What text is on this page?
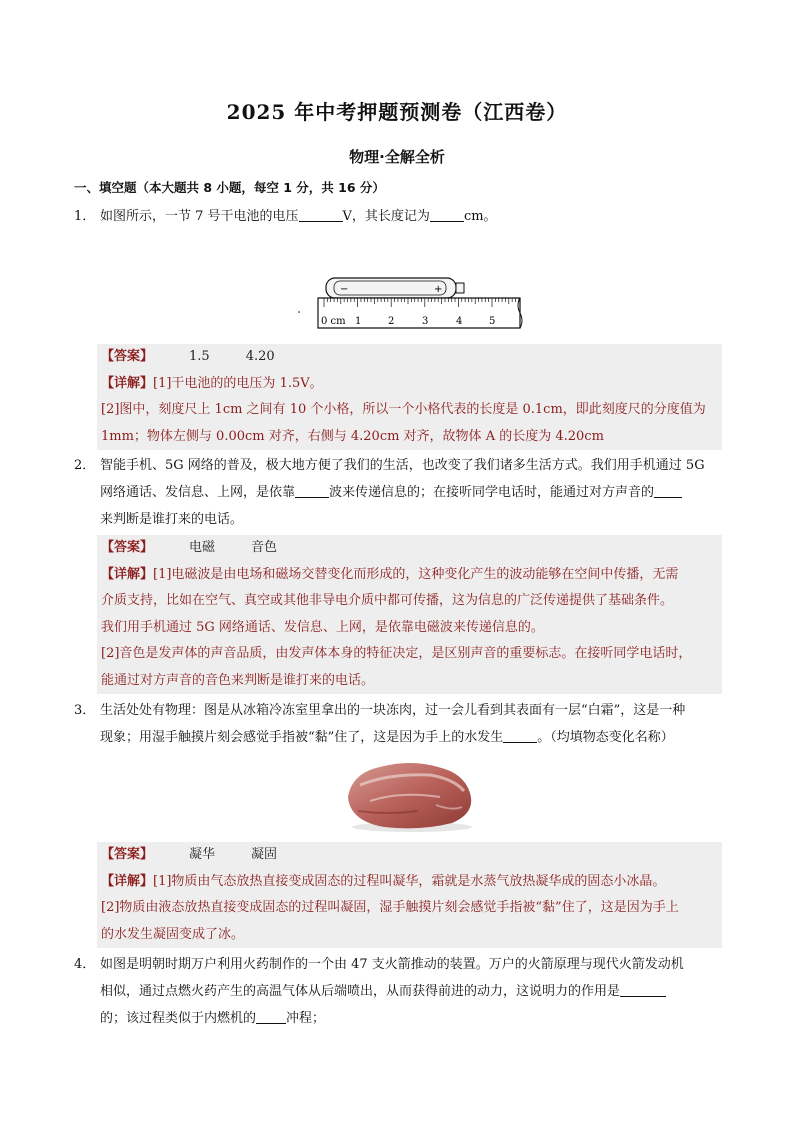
2025 年中考押题预测卷（江西卷）
物理·全解全析
一、填空题（本大题共 8 小题，每空 1 分，共 16 分）
1． 如图所示，一节 7 号干电池的电压	V，其长度记为	cm。
−	+
0 cm 1	2	3	4	5
【答案】	1.5	4.20
【详解】[1]干电池的的电压为 1.5V。
[2]图中，刻度尺上 1cm 之间有 10 个小格，所以一个小格代表的长度是 0.1cm，即此刻度尺的分度值为
1mm；物体左侧与 0.00cm 对齐，右侧与 4.20cm 对齐，故物体 A 的长度为 4.20cm
2． 智能手机、5G 网络的普及，极大地方便了我们的生活，也改变了我们诸多生活方式。我们用手机通过 5G
网络通话、发信息、上网，是依靠	波来传递信息的；在接听同学电话时，能通过对方声音的
来判断是谁打来的电话。
【答案】	电磁	音色
【详解】[1]电磁波是由电场和磁场交替变化而形成的，这种变化产生的波动能够在空间中传播，无需
介质支持，比如在空气、真空或其他非导电介质中都可传播，这为信息的广泛传递提供了基础条件。
我们用手机通过 5G 网络通话、发信息、上网，是依靠电磁波来传递信息的。
[2]音色是发声体的声音品质，由发声体本身的特征决定，是区别声音的重要标志。在接听同学电话时，
能通过对方声音的音色来判断是谁打来的电话。
3． 生活处处有物理：图是从冰箱冷冻室里拿出的一块冻肉，过一会儿看到其表面有一层“白霜”，这是一种
现象；用湿手触摸片刻会感觉手指被“黏”住了，这是因为手上的水发生	。（均填物态变化名称）
【答案】	凝华	凝固
【详解】[1]物质由气态放热直接变成固态的过程叫凝华，霜就是水蒸气放热凝华成的固态小冰晶。
[2]物质由液态放热直接变成固态的过程叫凝固，湿手触摸片刻会感觉手指被“黏”住了，这是因为手上
的水发生凝固变成了冰。
4． 如图是明朝时期万户利用火药制作的一个由 47 支火箭推动的装置。万户的火箭原理与现代火箭发动机
相似，通过点燃火药产生的高温气体从后端喷出，从而获得前进的动力，这说明力的作用是
的；该过程类似于内燃机的 冲程；
